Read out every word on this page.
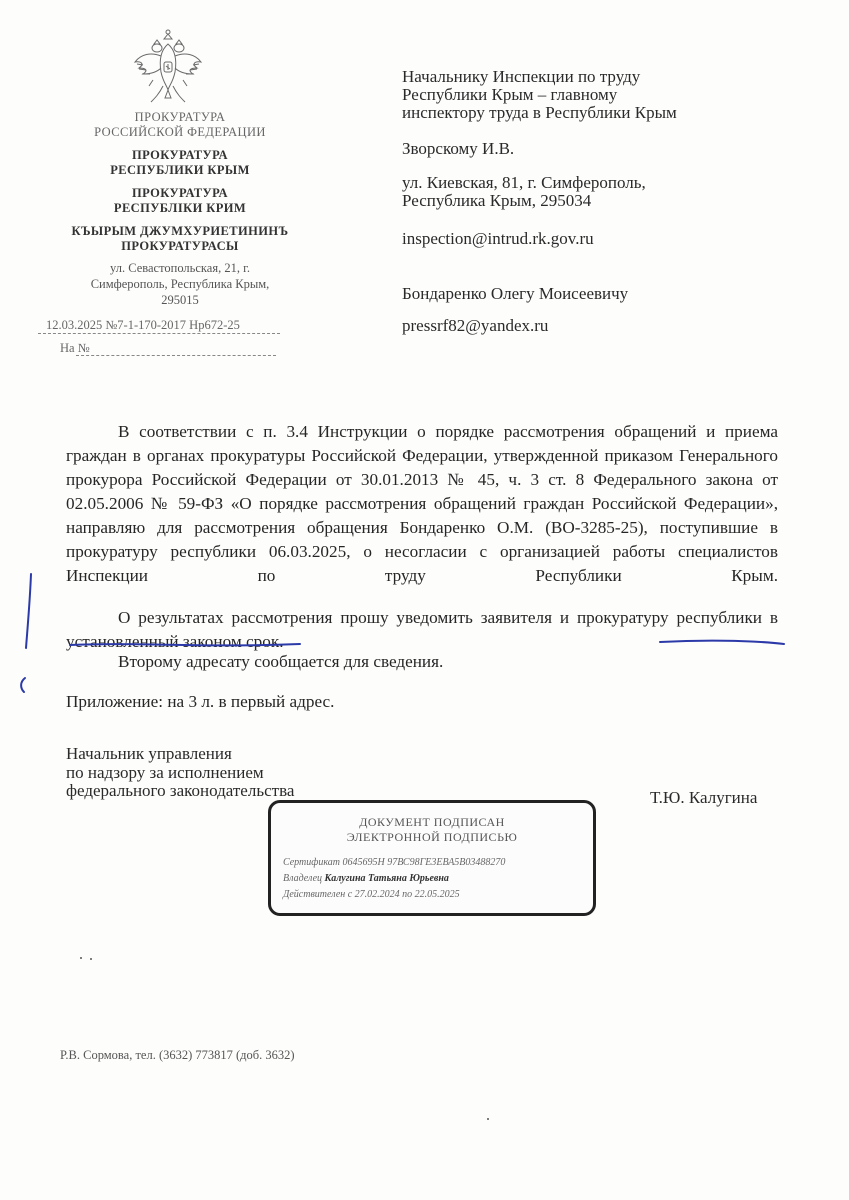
ПРОКУРАТУРА
РОССИЙСКОЙ ФЕДЕРАЦИИ
ПРОКУРАТУРА
РЕСПУБЛИКИ КРЫМ
ПРОКУРАТУРА
РЕСПУБЛІКИ КРИМ
КЪЫРЫМ ДЖУМХУРИЕТИНИНЪ
ПРОКУРАТУРАСЫ
ул. Севастопольская, 21, г.
Симферополь, Республика Крым,
295015
12.03.2025 №7-1-170-2017 Нр672-25
На №
Начальнику Инспекции по труду
Республики Крым – главному
инспектору труда в Республики Крым
Зворскому И.В.
ул. Киевская, 81, г. Симферополь,
Республика Крым, 295034
inspection@intrud.rk.gov.ru
Бондаренко Олегу Моисеевичу
pressrf82@yandex.ru
В соответствии с п. 3.4 Инструкции о порядке рассмотрения обращений и приема граждан в органах прокуратуры Российской Федерации, утвержденной приказом Генерального прокурора Российской Федерации от 30.01.2013 № 45, ч. 3 ст. 8 Федерального закона от 02.05.2006 № 59-ФЗ «О порядке рассмотрения обращений граждан Российской Федерации», направляю для рассмотрения обращения Бондаренко О.М. (ВО-3285-25), поступившие в прокуратуру республики 06.03.2025, о несогласии с организацией работы специалистов Инспекции по труду Республики Крым.
О результатах рассмотрения прошу уведомить заявителя и прокуратуру республики в установленный законом срок.
Второму адресату сообщается для сведения.
Приложение: на 3 л. в первый адрес.
Начальник управления
по надзору за исполнением
федерального законодательства	Т.Ю. Калугина
ДОКУМЕНТ ПОДПИСАН
ЭЛЕКТРОННОЙ ПОДПИСЬЮ
Сертификат 0645695Н 97ВС98ГЕ3ЕВА5В03488270
Владелец Калугина Татьяна Юрьевна
Действителен с 27.02.2024 по 22.05.2025
Р.В. Сормова, тел. (3632) 773817 (доб. 3632)
